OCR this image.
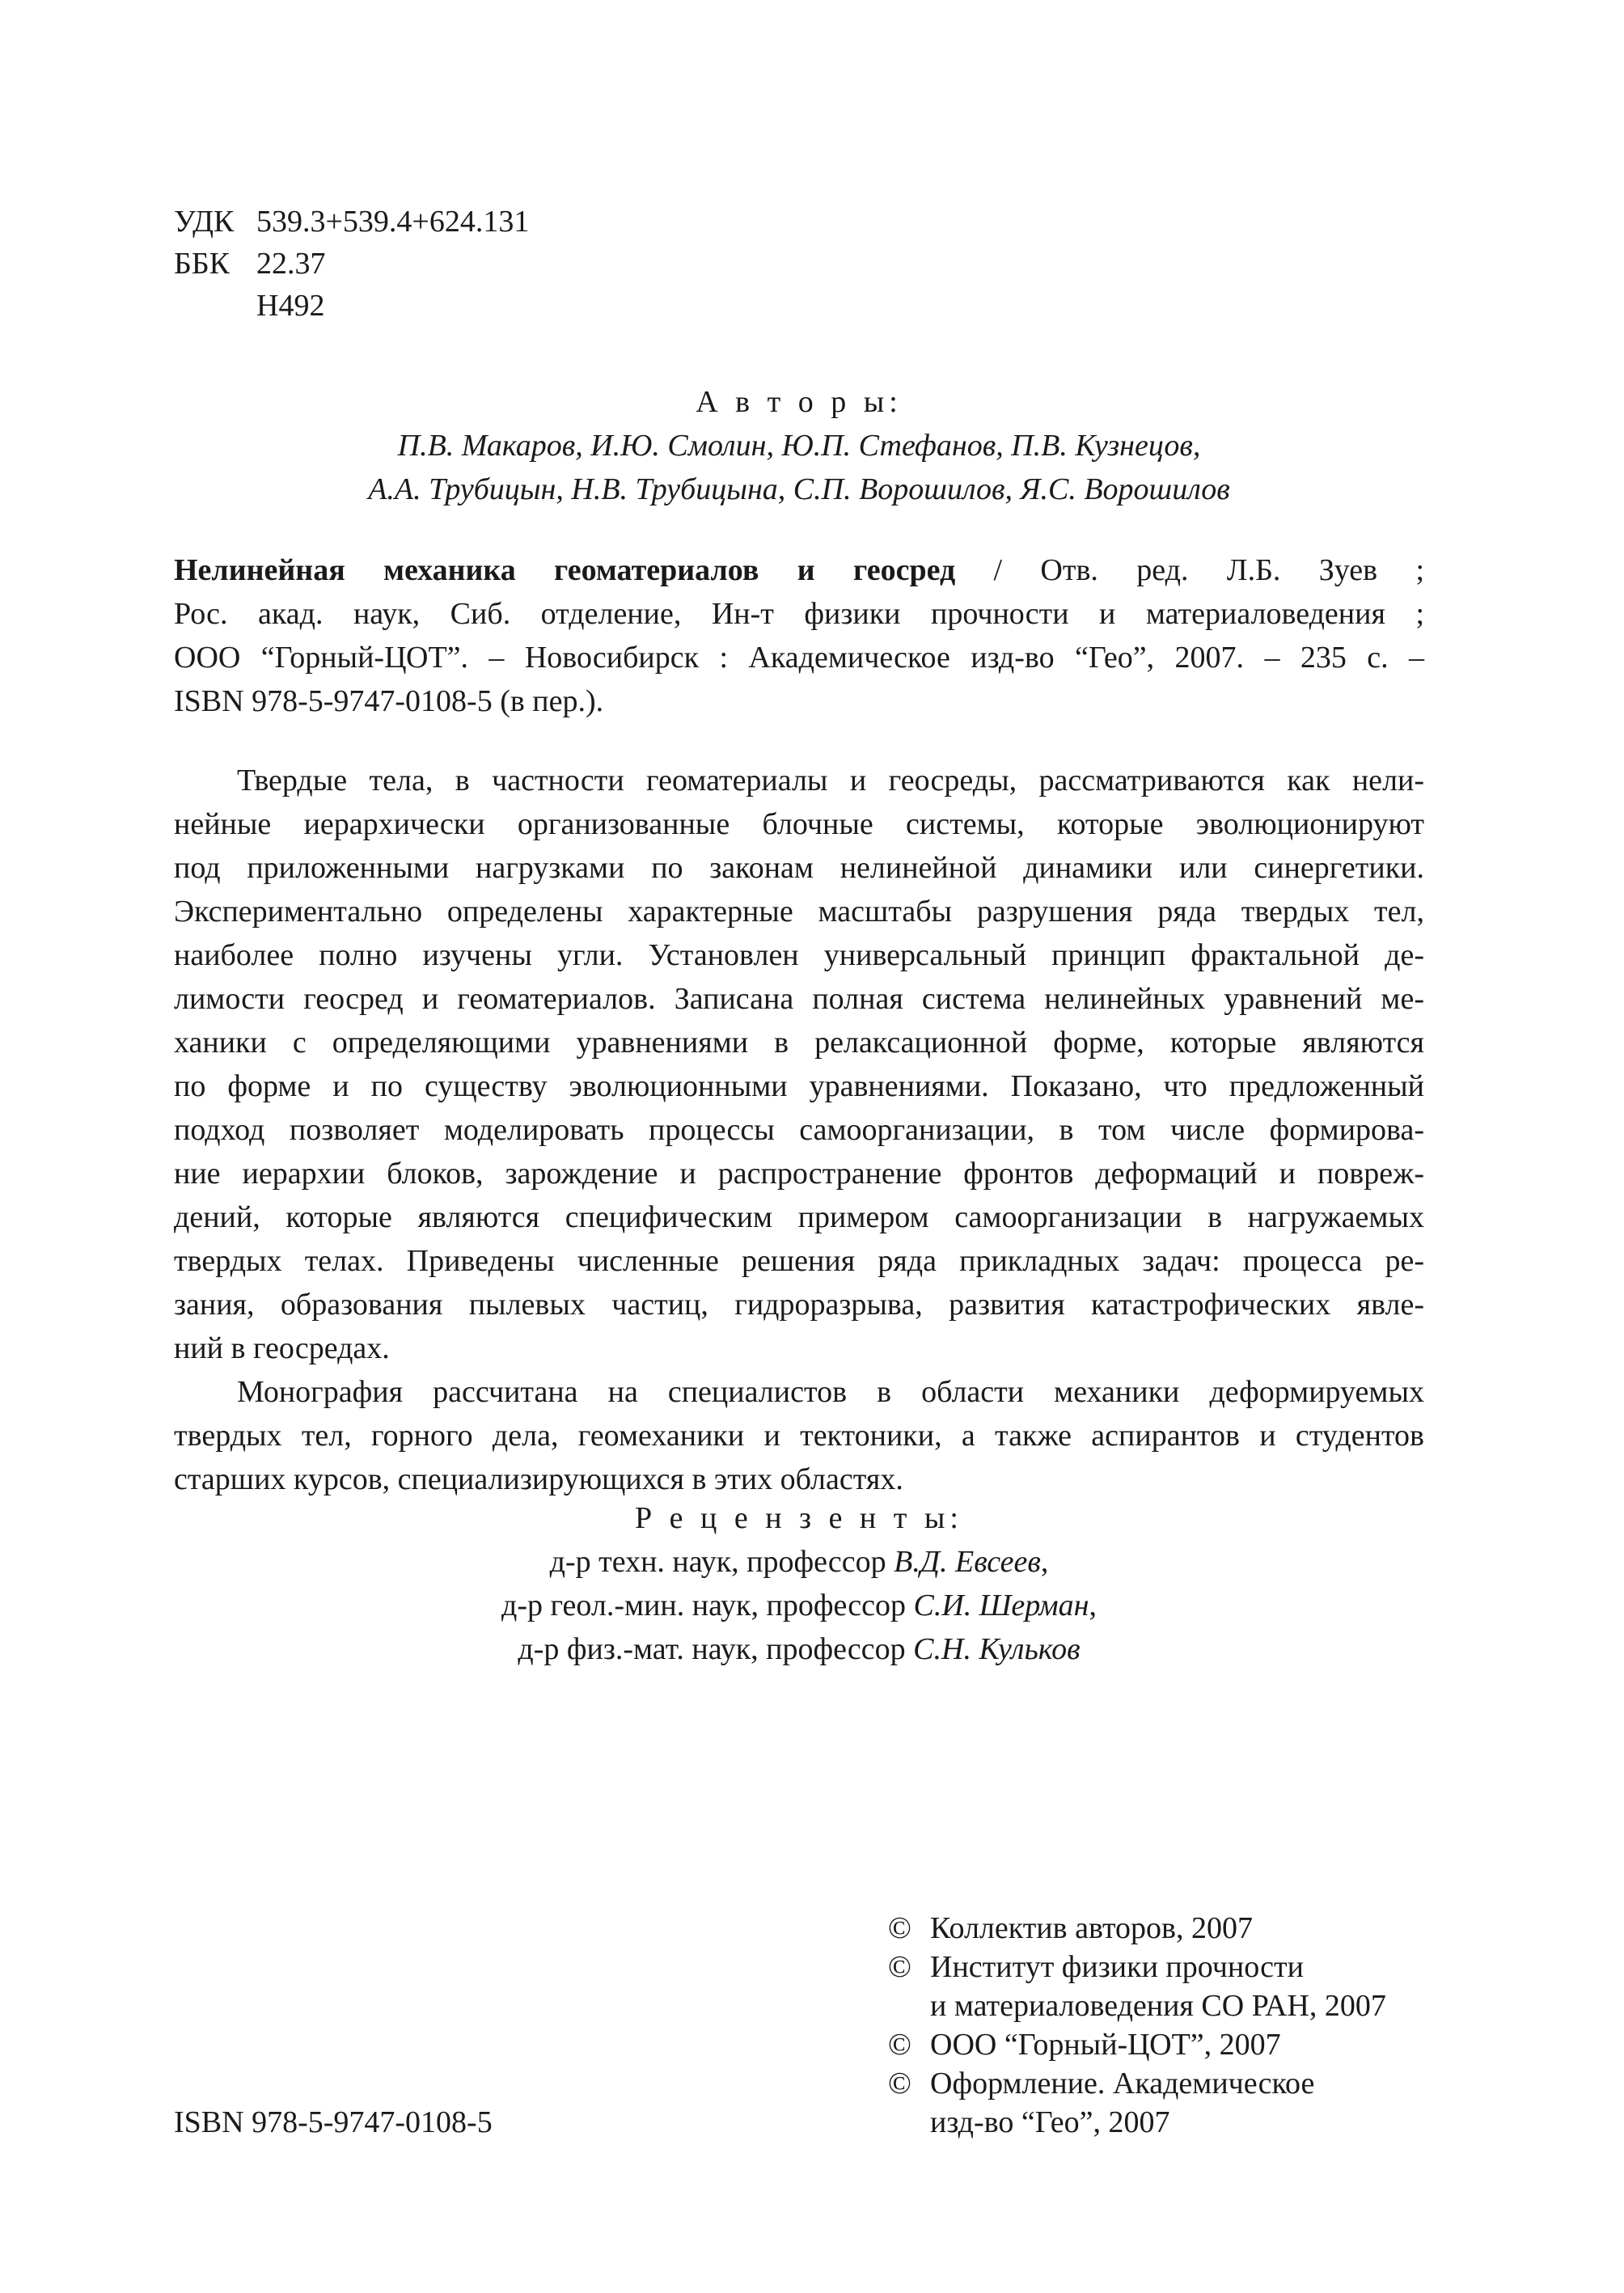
УДК 539.3+539.4+624.131
ББК 22.37
Н492
А в т о р ы:
П.В. Макаров, И.Ю. Смолин, Ю.П. Стефанов, П.В. Кузнецов,
А.А. Трубицын, Н.В. Трубицына, С.П. Ворошилов, Я.С. Ворошилов
Нелинейная механика геоматериалов и геосред / Отв. ред. Л.Б. Зуев ;
Рос. акад. наук, Сиб. отделение, Ин-т физики прочности и материаловедения ;
ООО “Горный-ЦОТ”. – Новосибирск : Академическое изд-во “Гео”, 2007. – 235 с. –
ISBN 978-5-9747-0108-5 (в пер.).
Твердые тела, в частности геоматериалы и геосреды, рассматриваются как нели-
нейные иерархически организованные блочные системы, которые эволюционируют
под приложенными нагрузками по законам нелинейной динамики или синергетики.
Экспериментально определены характерные масштабы разрушения ряда твердых тел,
наиболее полно изучены угли. Установлен универсальный принцип фрактальной де-
лимости геосред и геоматериалов. Записана полная система нелинейных уравнений ме-
ханики с определяющими уравнениями в релаксационной форме, которые являются
по форме и по существу эволюционными уравнениями. Показано, что предложенный
подход позволяет моделировать процессы самоорганизации, в том числе формирова-
ние иерархии блоков, зарождение и распространение фронтов деформаций и повреж-
дений, которые являются специфическим примером самоорганизации в нагружаемых
твердых телах. Приведены численные решения ряда прикладных задач: процесса ре-
зания, образования пылевых частиц, гидроразрыва, развития катастрофических явле-
ний в геосредах.
Монография рассчитана на специалистов в области механики деформируемых
твердых тел, горного дела, геомеханики и тектоники, а также аспирантов и студентов
старших курсов, специализирующихся в этих областях.
Р е ц е н з е н т ы:
д-р техн. наук, профессор В.Д. Евсеев,
д-р геол.-мин. наук, профессор С.И. Шерман,
д-р физ.-мат. наук, профессор С.Н. Кульков
© Коллектив авторов, 2007
© Институт физики прочности
и материаловедения СО РАН, 2007
© ООО “Горный-ЦОТ”, 2007
© Оформление. Академическое
изд-во “Гео”, 2007
ISBN 978-5-9747-0108-5
